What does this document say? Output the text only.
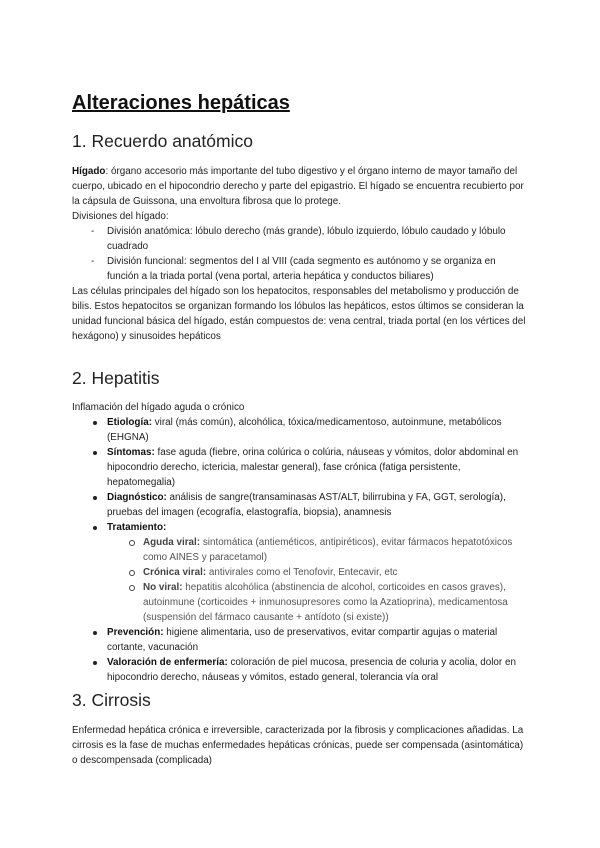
Alteraciones hepáticas
1. Recuerdo anatómico

Hígado: órgano accesorio más importante del tubo digestivo y el órgano interno de mayor tamaño del cuerpo, ubicado en el hipocondrio derecho y parte del epigastrio. El hígado se encuentra recubierto por la cápsula de Guissona, una envoltura fibrosa que lo protege.

Divisiones del hígado:

- División anatómica: lóbulo derecho (más grande), lóbulo izquierdo, lóbulo caudado y lóbulo cuadrado
- División funcional: segmentos del I al VIII (cada segmento es autónomo y se organiza en función a la triada portal (vena portal, arteria hepática y conductos biliares)

Las células principales del hígado son los hepatocitos, responsables del metabolismo y producción de bilis. Estos hepatocitos se organizan formando los lóbulos las hepáticos, estos últimos se consideran la unidad funcional básica del hígado, están compuestos de: vena central, triada portal (en los vértices del hexágono) y sinusoides hepáticos

2. Hepatitis

Inflamación del hígado aguda o crónico

Etiología: viral (más común), alcohólica, tóxica/medicamentoso, autoinmune, metabólicos (EHGNA)
Síntomas: fase aguda (fiebre, orina colúrica o colúria, náuseas y vómitos, dolor abdominal en hipocondrio derecho, ictericia, malestar general), fase crónica (fatiga persistente, hepatomegalia)
Diagnóstico: análisis de sangre(transaminasas AST/ALT, bilirrubina y FA, GGT, serología), pruebas del imagen (ecografía, elastografía, biopsia), anamnesis
Tratamiento:
Aguda viral: sintomática (antieméticos, antipiréticos), evitar fármacos hepatotóxicos como AINES y paracetamol)
Crónica viral: antivirales como el Tenofovir, Entecavir, etc
No viral: hepatitis alcohólica (abstinencia de alcohol, corticoides en casos graves), autoinmune (corticoides + inmunosupresores como la Azatioprina), medicamentosa (suspensión del fármaco causante + antídoto (si existe))
Prevención: higiene alimentaria, uso de preservativos, evitar compartir agujas o material cortante, vacunación
Valoración de enfermería: coloración de piel mucosa, presencia de coluria y acolia, dolor en hipocondrio derecho, náuseas y vómitos, estado general, tolerancia vía oral
3. Cirrosis

Enfermedad hepática crónica e irreversible, caracterizada por la fibrosis y complicaciones añadidas. La cirrosis es la fase de muchas enfermedades hepáticas crónicas, puede ser compensada (asintomática) o descompensada (complicada)
